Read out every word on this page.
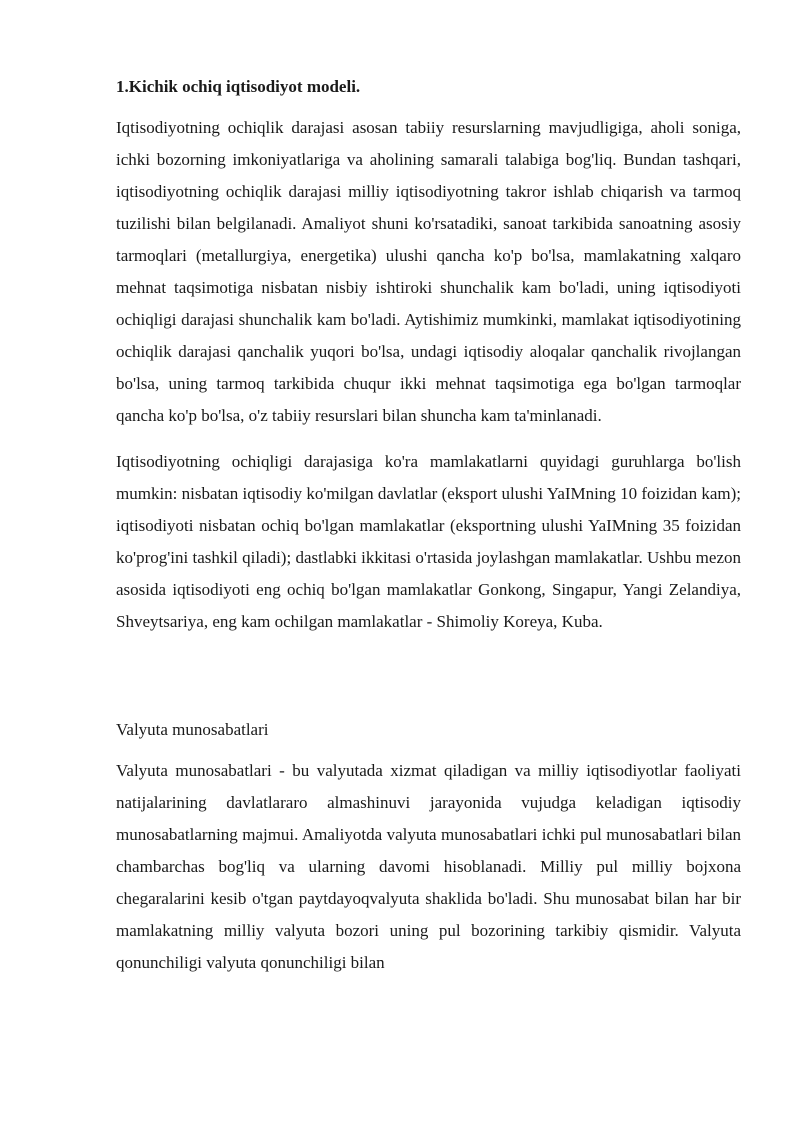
1.Kichik ochiq iqtisodiyot modeli.

Iqtisodiyotning ochiqlik darajasi asosan tabiiy resurslarning mavjudligiga, aholi soniga, ichki bozorning imkoniyatlariga va aholining samarali talabiga bog'liq. Bundan tashqari, iqtisodiyotning ochiqlik darajasi milliy iqtisodiyotning takror ishlab chiqarish va tarmoq tuzilishi bilan belgilanadi. Amaliyot shuni ko'rsatadiki, sanoat tarkibida sanoatning asosiy tarmoqlari (metallurgiya, energetika) ulushi qancha ko'p bo'lsa, mamlakatning xalqaro mehnat taqsimotiga nisbatan nisbiy ishtiroki shunchalik kam bo'ladi, uning iqtisodiyoti ochiqligi darajasi shunchalik kam bo'ladi. Aytishimiz mumkinki, mamlakat iqtisodiyotining ochiqlik darajasi qanchalik yuqori bo'lsa, undagi iqtisodiy aloqalar qanchalik rivojlangan bo'lsa, uning tarmoq tarkibida chuqur ikki mehnat taqsimotiga ega bo'lgan tarmoqlar qancha ko'p bo'lsa, o'z tabiiy resurslari bilan shuncha kam ta'minlanadi.

Iqtisodiyotning ochiqligi darajasiga ko'ra mamlakatlarni quyidagi guruhlarga bo'lish mumkin: nisbatan iqtisodiy ko'milgan davlatlar (eksport ulushi YaIMning 10 foizidan kam); iqtisodiyoti nisbatan ochiq bo'lgan mamlakatlar (eksportning ulushi YaIMning 35 foizidan ko'prog'ini tashkil qiladi); dastlabki ikkitasi o'rtasida joylashgan mamlakatlar. Ushbu mezon asosida iqtisodiyoti eng ochiq bo'lgan mamlakatlar Gonkong, Singapur, Yangi Zelandiya, Shveytsariya, eng kam ochilgan mamlakatlar - Shimoliy Koreya, Kuba.

Valyuta munosabatlari

Valyuta munosabatlari - bu valyutada xizmat qiladigan va milliy iqtisodiyotlar faoliyati natijalarining davlatlararo almashinuvi jarayonida vujudga keladigan iqtisodiy munosabatlarning majmui. Amaliyotda valyuta munosabatlari ichki pul munosabatlari bilan chambarchas bog'liq va ularning davomi hisoblanadi. Milliy pul milliy bojxona chegaralarini kesib o'tgan paytdayoqvalyuta shaklida bo'ladi. Shu munosabat bilan har bir mamlakatning milliy valyuta bozori uning pul bozorining tarkibiy qismidir. Valyuta qonunchiligi valyuta qonunchiligi bilan
